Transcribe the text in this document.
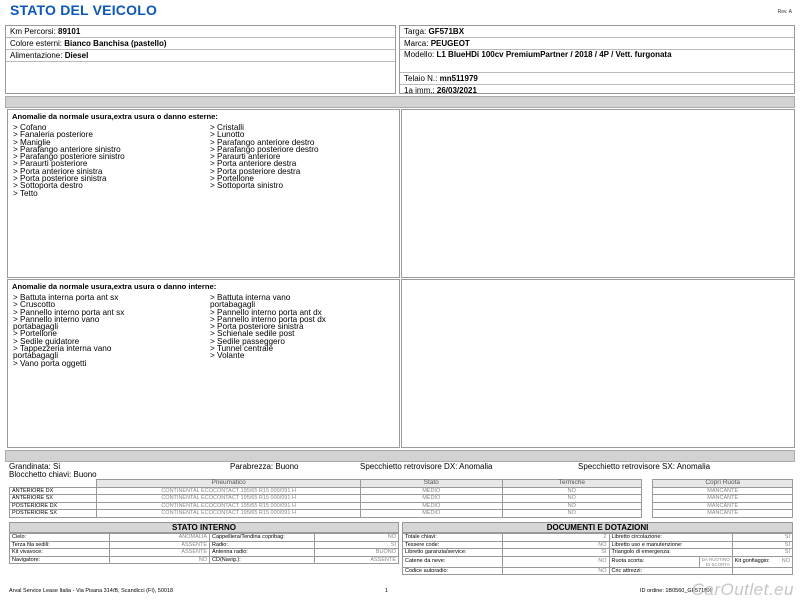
STATO DEL VEICOLO	Rev. A
Km Percorsi: 89101
Colore esterni: Bianco Banchisa (pastello)
Alimentazione: Diesel
Targa: GF571BX
Marca: PEUGEOT
Modello: L1 BlueHDi 100cv PremiumPartner / 2018 / 4P / Vett. furgonata
Telaio N.: mn511979
1a imm.: 26/03/2021
Anomalie da normale usura,extra usura o danno esterne:
> Cofano
> Fanaleria posteriore
> Maniglie
> Parafango anteriore sinistro
> Parafango posteriore sinistro
> Paraurti posteriore
> Porta anteriore sinistra
> Porta posteriore sinistra
> Sottoporta destro
> Tetto
> Cristalli
> Lunotto
> Parafango anteriore destro
> Parafango posteriore destro
> Paraurti anteriore
> Porta anteriore destra
> Porta posteriore destra
> Portellone
> Sottoporta sinistro
Anomalie da normale usura,extra usura o danno interne:
> Battuta interna porta ant sx
> Cruscotto
> Pannello interno porta ant sx
> Pannello interno vano
portabagagli
> Portellone
> Sedile guidatore
> Tappezzeria interna vano
portabagagli
> Vano porta oggetti
> Battuta interna vano
portabagagli
> Pannello interno porta ant dx
> Pannello interno porta post dx
> Porta posteriore sinistra
> Schienale sedile post
> Sedile passeggero
> Tunnel centrale
> Volante
Grandinata: Si	Parabrezza: Buono	Specchietto retrovisore DX: Anomalia	Specchietto retrovisore SX: Anomalia
Blocchetto chiavi: Buono
	Pneumatico	Stato	Termiche		Copri Ruota
ANTERIORE DX	CONTINENTAL ECOCONTACT 195/65 R15 000/091 H	MEDIO	NO		MANCANTE
ANTERIORE SX	CONTINENTAL ECOCONTACT 195/65 R15 000/091 H	MEDIO	NO		MANCANTE
POSTERIORE DX	CONTINENTAL ECOCONTACT 195/65 R15 000/091 H	MEDIO	NO		MANCANTE
POSTERIORE SX	CONTINENTAL ECOCONTACT 195/65 R15 000/091 H	MEDIO	NO		MANCANTE
STATO INTERNO
Cielo:	ANOMALIA	Cappelliera/Tendina copribag:	NO
Terza fila sedili:	ASSENTE	Radio:	SI
Kit vivavoce:	ASSENTE	Antenna radio:	BUONO
Navigatore:	NO	CD(Navig.):	ASSENTE
DOCUMENTI E DOTAZIONI
Totale chiavi:	2	Libretto circolazione:		SI
Tessere code:	NO	Libretto uso e manutenzione:		SI
Libretto garanzia/service:	SI	Triangolo di emergenza:		SI
Catene da neve:	NO	Ruota scorta:	DA RUOTINO DI SCORTA	Kit gonfiaggio: NO

Codice autoradio:	NO	Cric attrezzi:		
Arval Service Lease Italia - Via Pisana 314/B, Scandicci (FI), 50018	1	ID ordine: 1B0560_GF571BX
CarOutlet.eu
